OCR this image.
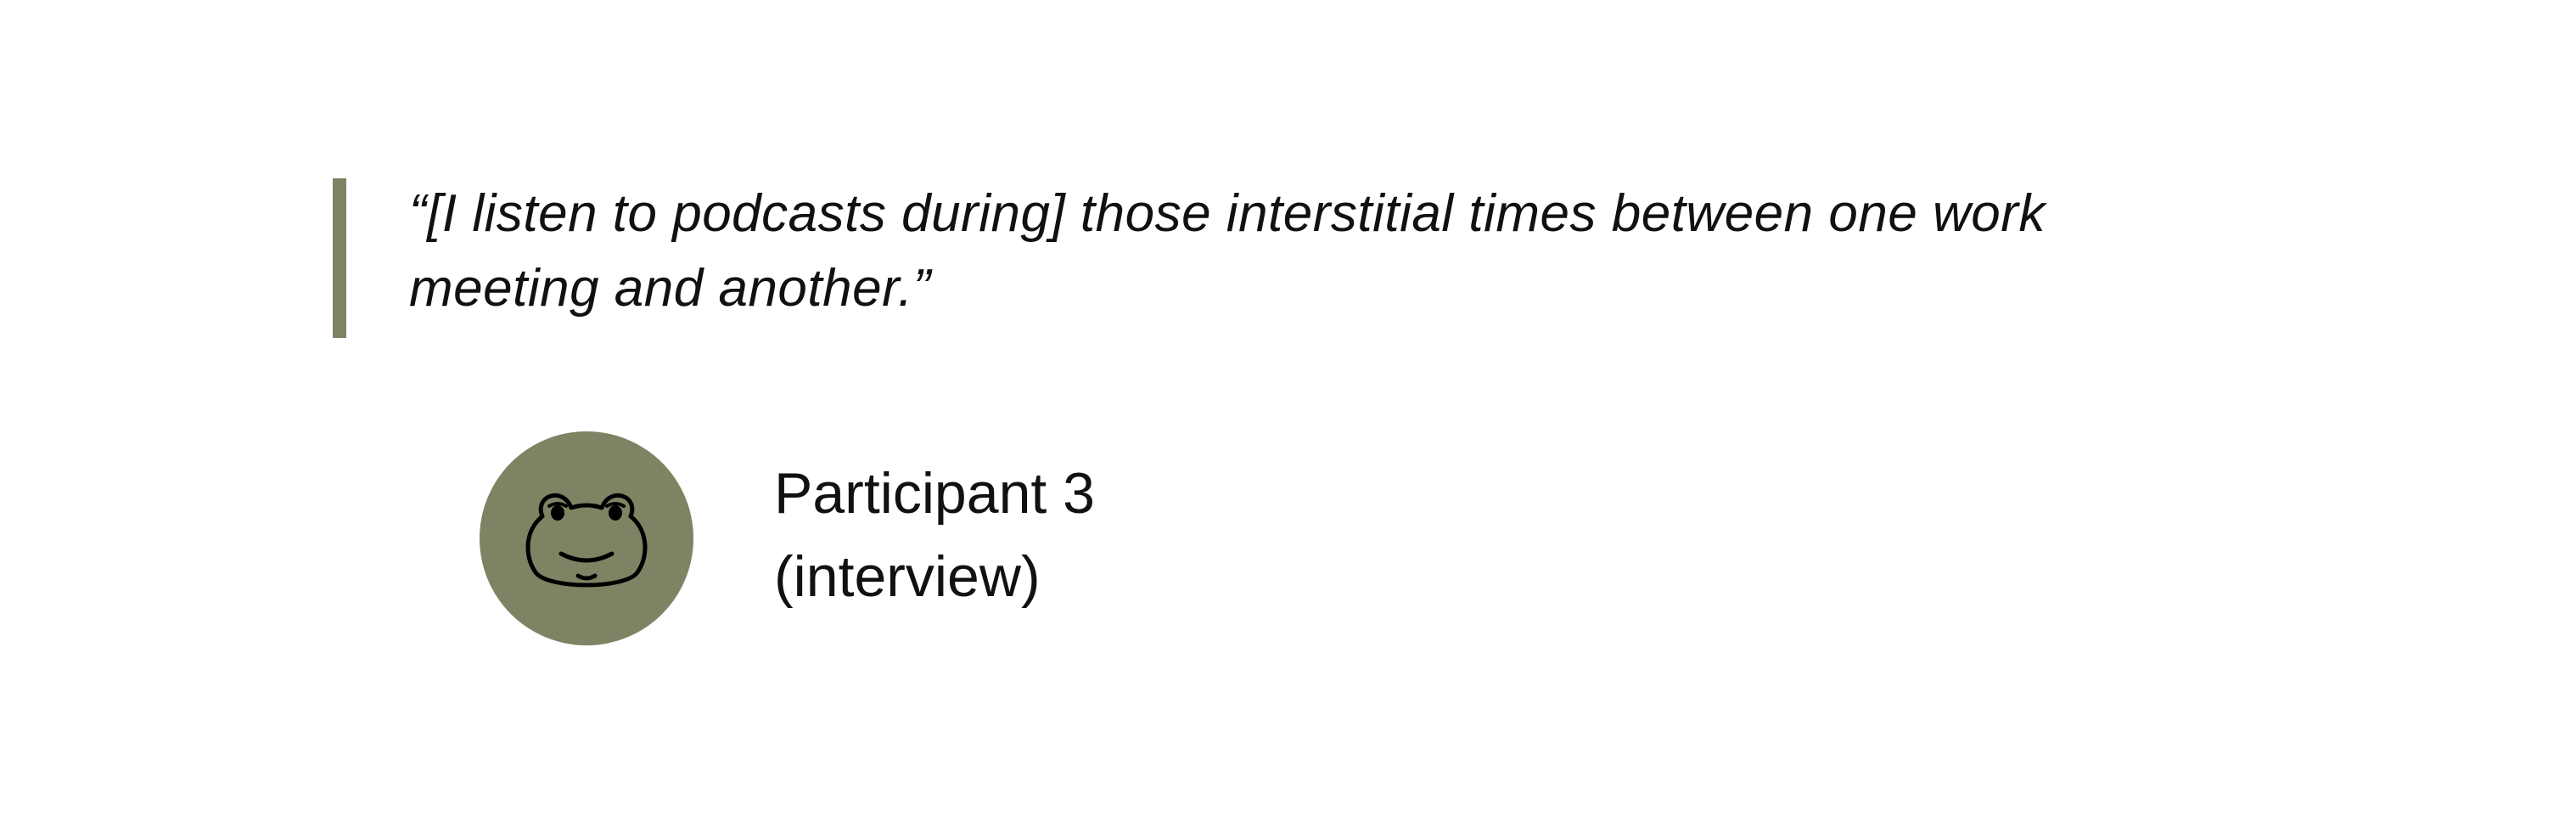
“[I listen to podcasts during] those interstitial times between one work
meeting and another.”
Participant 3
(interview)
